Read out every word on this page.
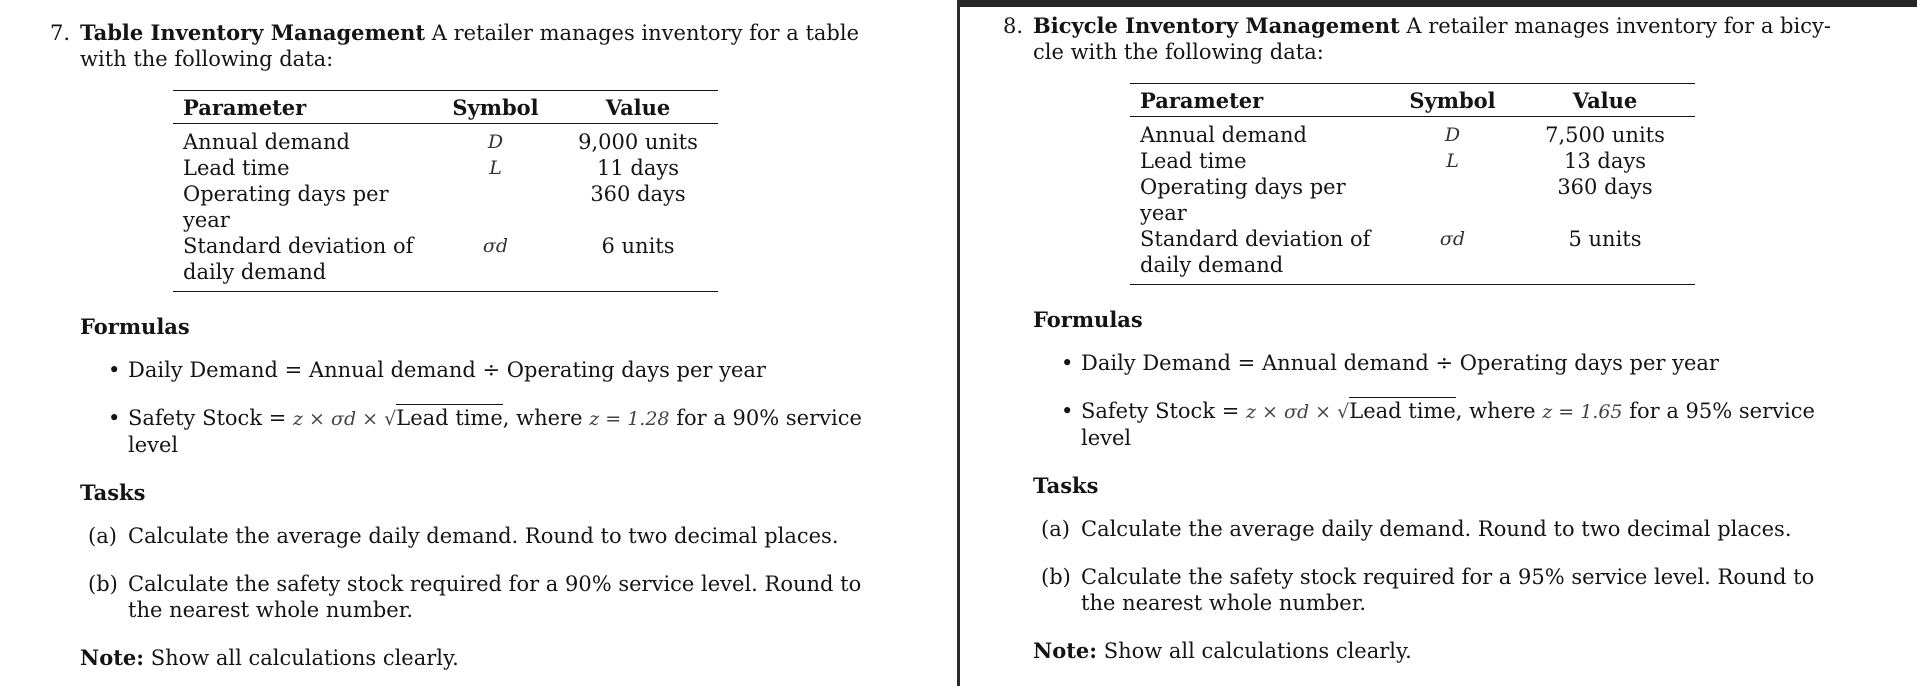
7. Table Inventory Management A retailer manages inventory for a table with the following data:
Parameter	Symbol	Value
Annual demand	D	9,000 units
Lead time	L	11 days
Operating days per year		360 days
Standard deviation of daily demand	σd	6 units
Formulas
• Daily Demand = Annual demand ÷ Operating days per year
• Safety Stock = z × σd × √Lead time, where z = 1.28 for a 90% service level
Tasks
(a) Calculate the average daily demand. Round to two decimal places.
(b) Calculate the safety stock required for a 90% service level. Round to the nearest whole number.
Note: Show all calculations clearly.
8. Bicycle Inventory Management A retailer manages inventory for a bicy-cle with the following data:
Parameter	Symbol	Value
Annual demand	D	7,500 units
Lead time	L	13 days
Operating days per year		360 days
Standard deviation of daily demand	σd	5 units
Formulas
• Daily Demand = Annual demand ÷ Operating days per year
• Safety Stock = z × σd × √Lead time, where z = 1.65 for a 95% service level
Tasks
(a) Calculate the average daily demand. Round to two decimal places.
(b) Calculate the safety stock required for a 95% service level. Round to the nearest whole number.
Note: Show all calculations clearly.
